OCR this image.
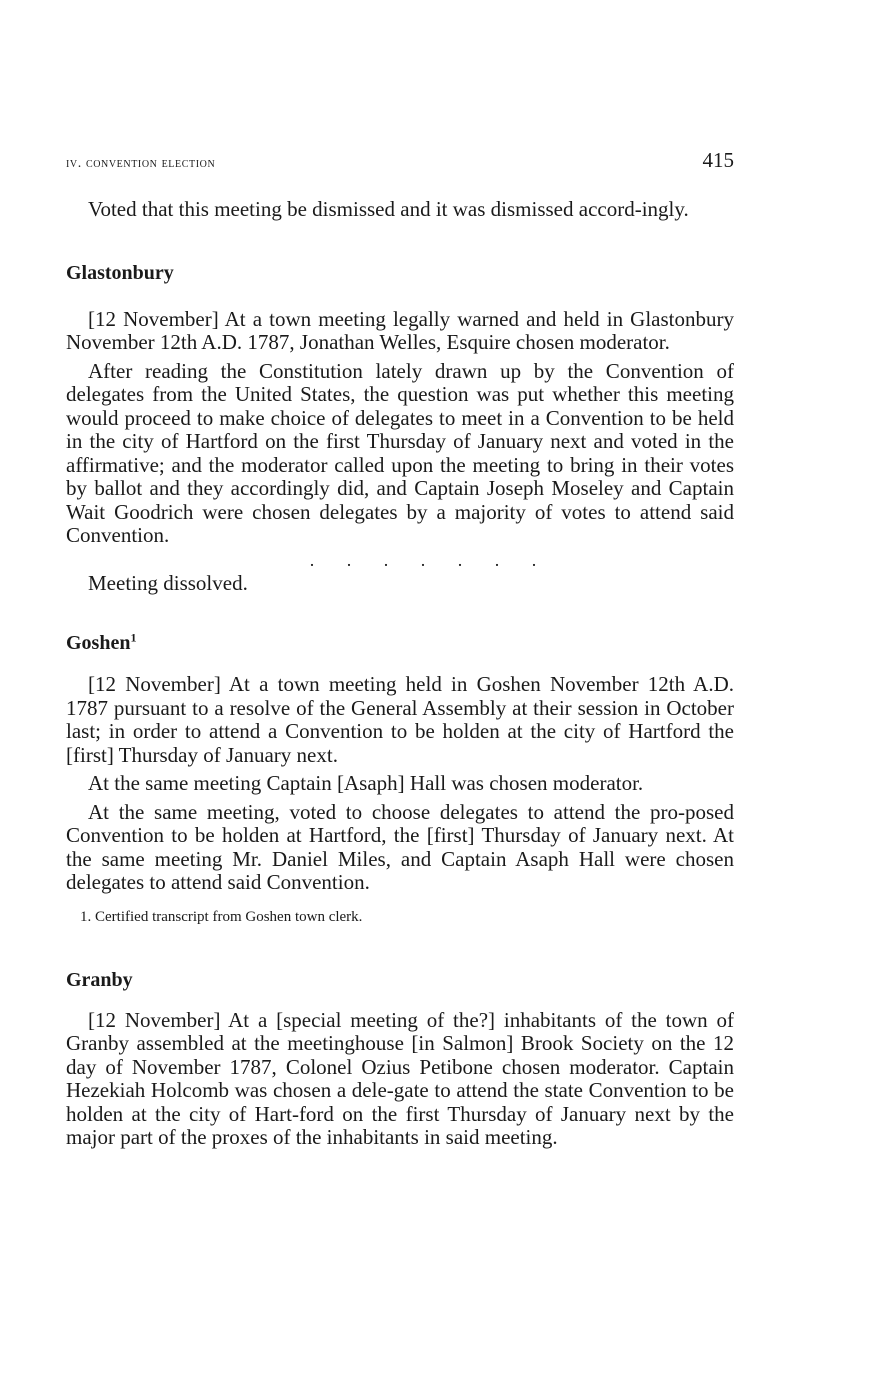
iv. convention election	415

Voted that this meeting be dismissed and it was dismissed accord-ingly.

Glastonbury

[12 November] At a town meeting legally warned and held in Glastonbury November 12th A.D. 1787, Jonathan Welles, Esquire chosen moderator.

After reading the Constitution lately drawn up by the Convention of delegates from the United States, the question was put whether this meeting would proceed to make choice of delegates to meet in a Convention to be held in the city of Hartford on the first Thursday of January next and voted in the affirmative; and the moderator called upon the meeting to bring in their votes by ballot and they accordingly did, and Captain Joseph Moseley and Captain Wait Goodrich were chosen delegates by a majority of votes to attend said Convention.

. . . . . . .

Meeting dissolved.

Goshen$^1$

[12 November] At a town meeting held in Goshen November 12th A.D. 1787 pursuant to a resolve of the General Assembly at their session in October last; in order to attend a Convention to be holden at the city of Hartford the [first] Thursday of January next.

At the same meeting Captain [Asaph] Hall was chosen moderator.

At the same meeting, voted to choose delegates to attend the pro-posed Convention to be holden at Hartford, the [first] Thursday of January next. At the same meeting Mr. Daniel Miles, and Captain Asaph Hall were chosen delegates to attend said Convention.

1. Certified transcript from Goshen town clerk.

Granby

[12 November] At a [special meeting of the?] inhabitants of the town of Granby assembled at the meetinghouse [in Salmon] Brook Society on the 12 day of November 1787, Colonel Ozius Petibone chosen moderator. Captain Hezekiah Holcomb was chosen a dele-gate to attend the state Convention to be holden at the city of Hart-ford on the first Thursday of January next by the major part of the proxes of the inhabitants in said meeting.
